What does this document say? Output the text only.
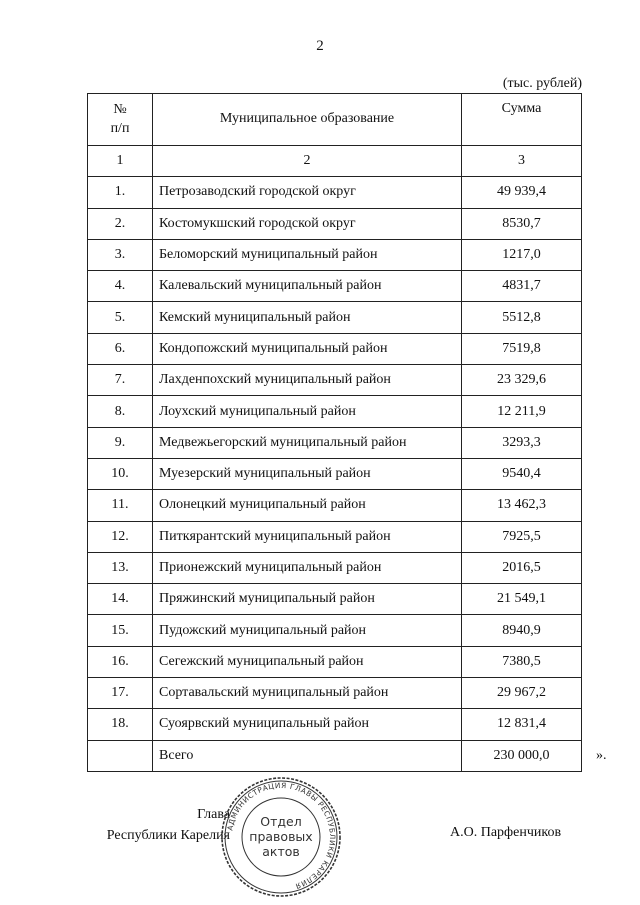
2
(тыс. рублей)
№
п/п	Муниципальное образование	Сумма
1	2	3
1.	Петрозаводский городской округ	49 939,4
2.	Костомукшский городской округ	8530,7
3.	Беломорский муниципальный район	1217,0
4.	Калевальский муниципальный район	4831,7
5.	Кемский муниципальный район	5512,8
6.	Кондопожский муниципальный район	7519,8
7.	Лахденпохский муниципальный район	23 329,6
8.	Лоухский муниципальный район	12 211,9
9.	Медвежьегорский муниципальный район	3293,3
10.	Муезерский муниципальный район	9540,4
11.	Олонецкий муниципальный район	13 462,3
12.	Питкярантский муниципальный район	7925,5
13.	Прионежский муниципальный район	2016,5
14.	Пряжинский муниципальный район	21 549,1
15.	Пудожский муниципальный район	8940,9
16.	Сегежский муниципальный район	7380,5
17.	Сортавальский муниципальный район	29 967,2
18.	Суоярвский муниципальный район	12 831,4
	Всего	230 000,0	».
Глава
Республики Карелия	А.О. Парфенчиков
АДМИНИСТРАЦИЯ ГЛАВЫ РЕСПУБЛИКИ КАРЕЛИЯ
Отдел
правовых
актов
